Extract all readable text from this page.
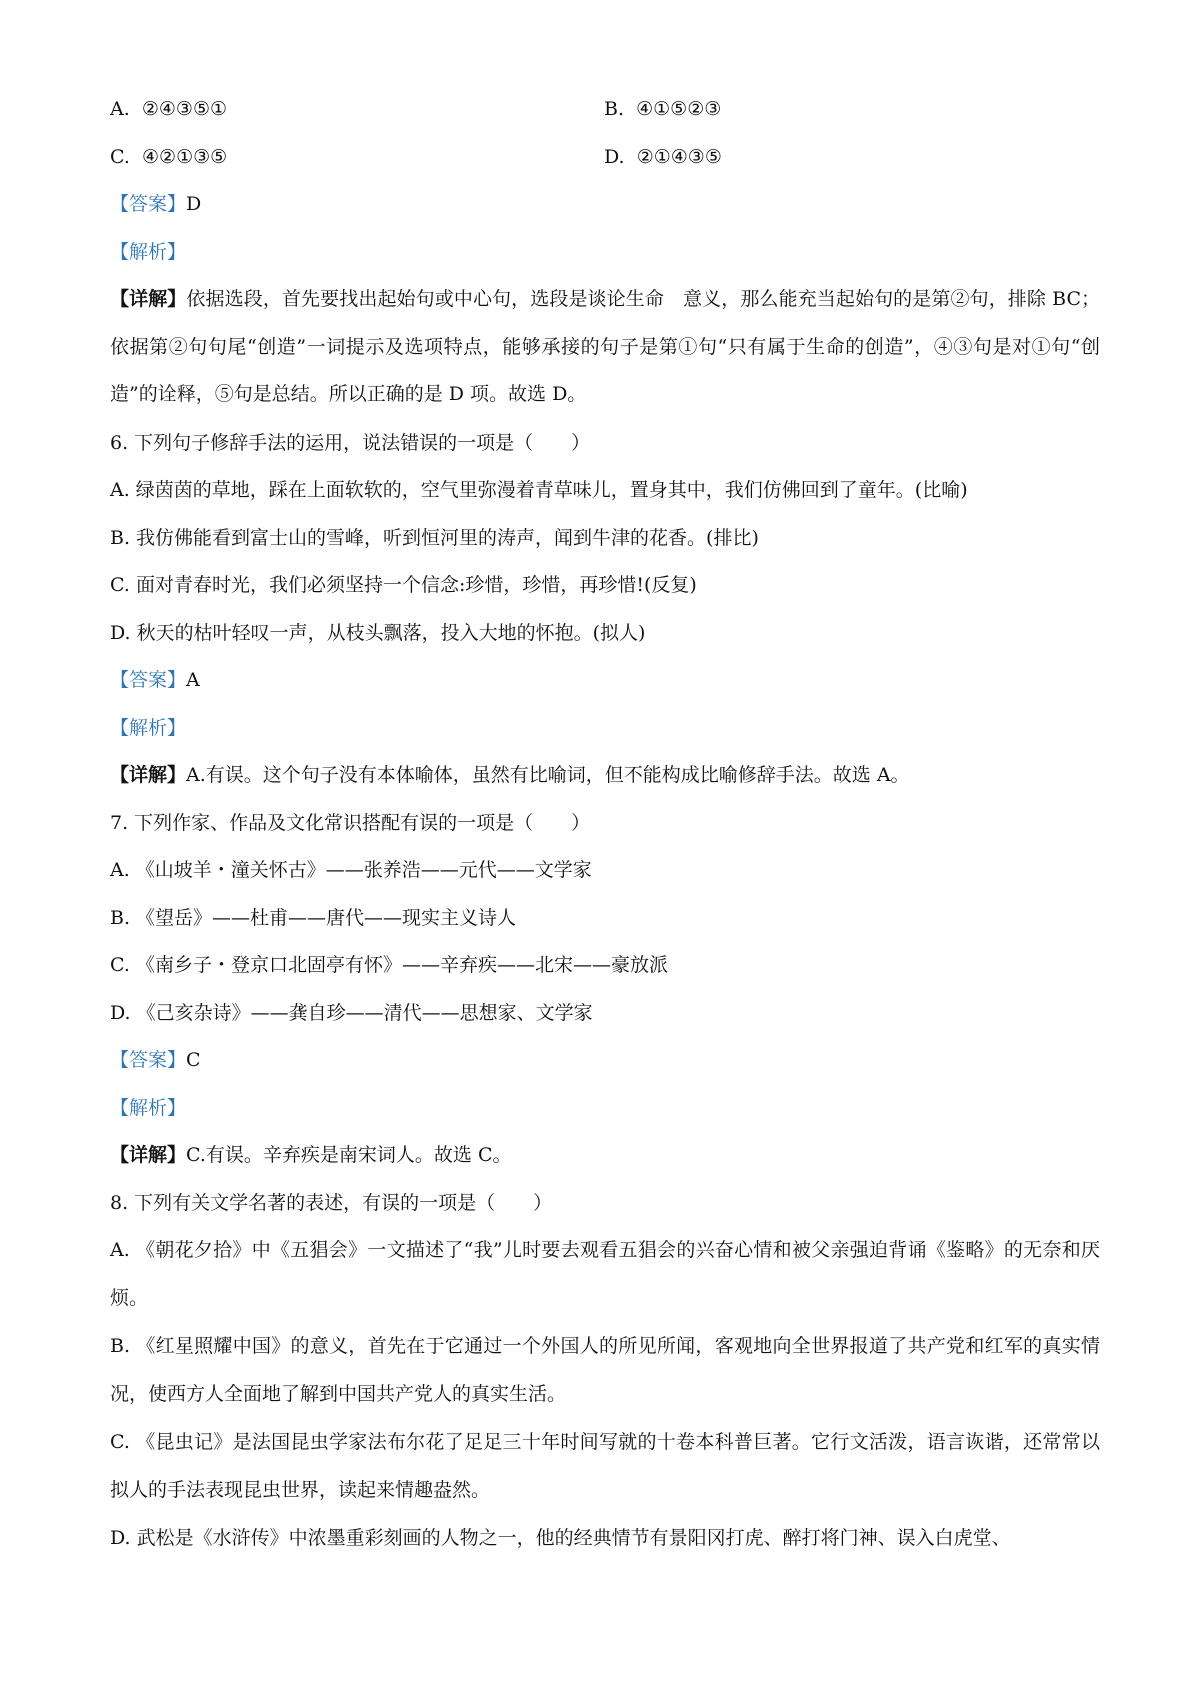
A. ②④③⑤①	B. ④①⑤②③
C. ④②①③⑤	D. ②①④③⑤
【答案】D
【解析】

【详解】依据选段，首先要找出起始句或中心句，选段是谈论生命　意义，那么能充当起始句的是第②句，排除 BC；依据第②句句尾“创造”一词提示及选项特点，能够承接的句子是第①句“只有属于生命的创造”，④③句是对①句“创造”的诠释，⑤句是总结。所以正确的是 D 项。故选 D。

6. 下列句子修辞手法的运用，说法错误的一项是（　　）
A. 绿茵茵的草地，踩在上面软软的，空气里弥漫着青草味儿，置身其中，我们仿佛回到了童年。(比喻)
B. 我仿佛能看到富士山的雪峰，听到恒河里的涛声，闻到牛津的花香。(排比)
C. 面对青春时光，我们必须坚持一个信念:珍惜，珍惜，再珍惜!(反复)
D. 秋天的枯叶轻叹一声，从枝头飘落，投入大地的怀抱。(拟人)
【答案】A
【解析】
【详解】A.有误。这个句子没有本体喻体，虽然有比喻词，但不能构成比喻修辞手法。故选 A。
7. 下列作家、作品及文化常识搭配有误的一项是（　　）
A. 《山坡羊・潼关怀古》——张养浩——元代——文学家
B. 《望岳》——杜甫——唐代——现实主义诗人
C. 《南乡子・登京口北固亭有怀》——辛弃疾——北宋——豪放派
D. 《己亥杂诗》——龚自珍——清代——思想家、文学家
【答案】C
【解析】
【详解】C.有误。辛弃疾是南宋词人。故选 C。
8. 下列有关文学名著的表述，有误的一项是（　　）

A. 《朝花夕拾》中《五猖会》一文描述了“我”儿时要去观看五猖会的兴奋心情和被父亲强迫背诵《鉴略》的无奈和厌烦。

B. 《红星照耀中国》的意义，首先在于它通过一个外国人的所见所闻，客观地向全世界报道了共产党和红军的真实情况，使西方人全面地了解到中国共产党人的真实生活。

C. 《昆虫记》是法国昆虫学家法布尔花了足足三十年时间写就的十卷本科普巨著。它行文活泼，语言诙谐，还常常以拟人的手法表现昆虫世界，读起来情趣盎然。

D. 武松是《水浒传》中浓墨重彩刻画的人物之一，他的经典情节有景阳冈打虎、醉打将门神、误入白虎堂、
